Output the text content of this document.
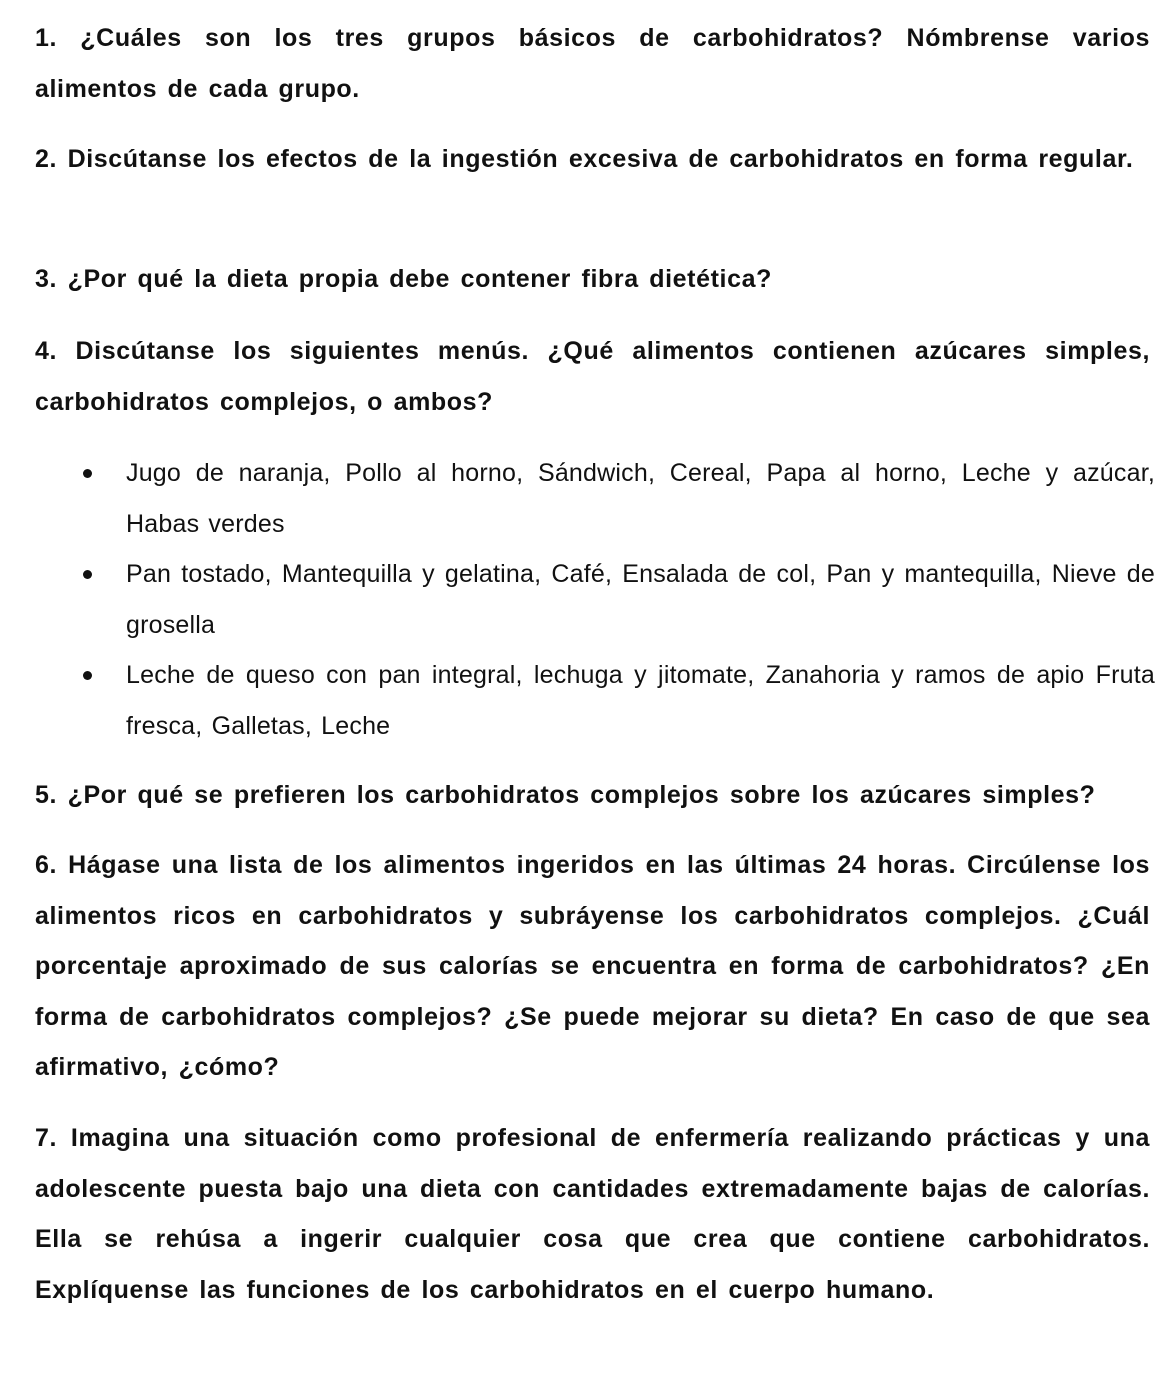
1. ¿Cuáles son los tres grupos básicos de carbohidratos? Nómbrense varios alimentos de cada grupo.

2. Discútanse los efectos de la ingestión excesiva de carbohidratos en forma regular.

3. ¿Por qué la dieta propia debe contener fibra dietética?

4. Discútanse los siguientes menús. ¿Qué alimentos contienen azúcares simples, carbohidratos complejos, o ambos?

Jugo de naranja, Pollo al horno, Sándwich, Cereal, Papa al horno, Leche y azúcar, Habas verdes
Pan tostado, Mantequilla y gelatina, Café, Ensalada de col, Pan y mantequilla, Nieve de grosella
Leche de queso con pan integral, lechuga y jitomate, Zanahoria y ramos de apio Fruta fresca, Galletas, Leche

5. ¿Por qué se prefieren los carbohidratos complejos sobre los azúcares simples?

6. Hágase una lista de los alimentos ingeridos en las últimas 24 horas. Circúlense los alimentos ricos en carbohidratos y subráyense los carbohidratos complejos. ¿Cuál porcentaje aproximado de sus calorías se encuentra en forma de carbohidratos? ¿En forma de carbohidratos complejos? ¿Se puede mejorar su dieta? En caso de que sea afirmativo, ¿cómo?

7. Imagina una situación como profesional de enfermería realizando prácticas y una adolescente puesta bajo una dieta con cantidades extremadamente bajas de calorías. Ella se rehúsa a ingerir cualquier cosa que crea que contiene carbohidratos. Explíquense las funciones de los carbohidratos en el cuerpo humano.
